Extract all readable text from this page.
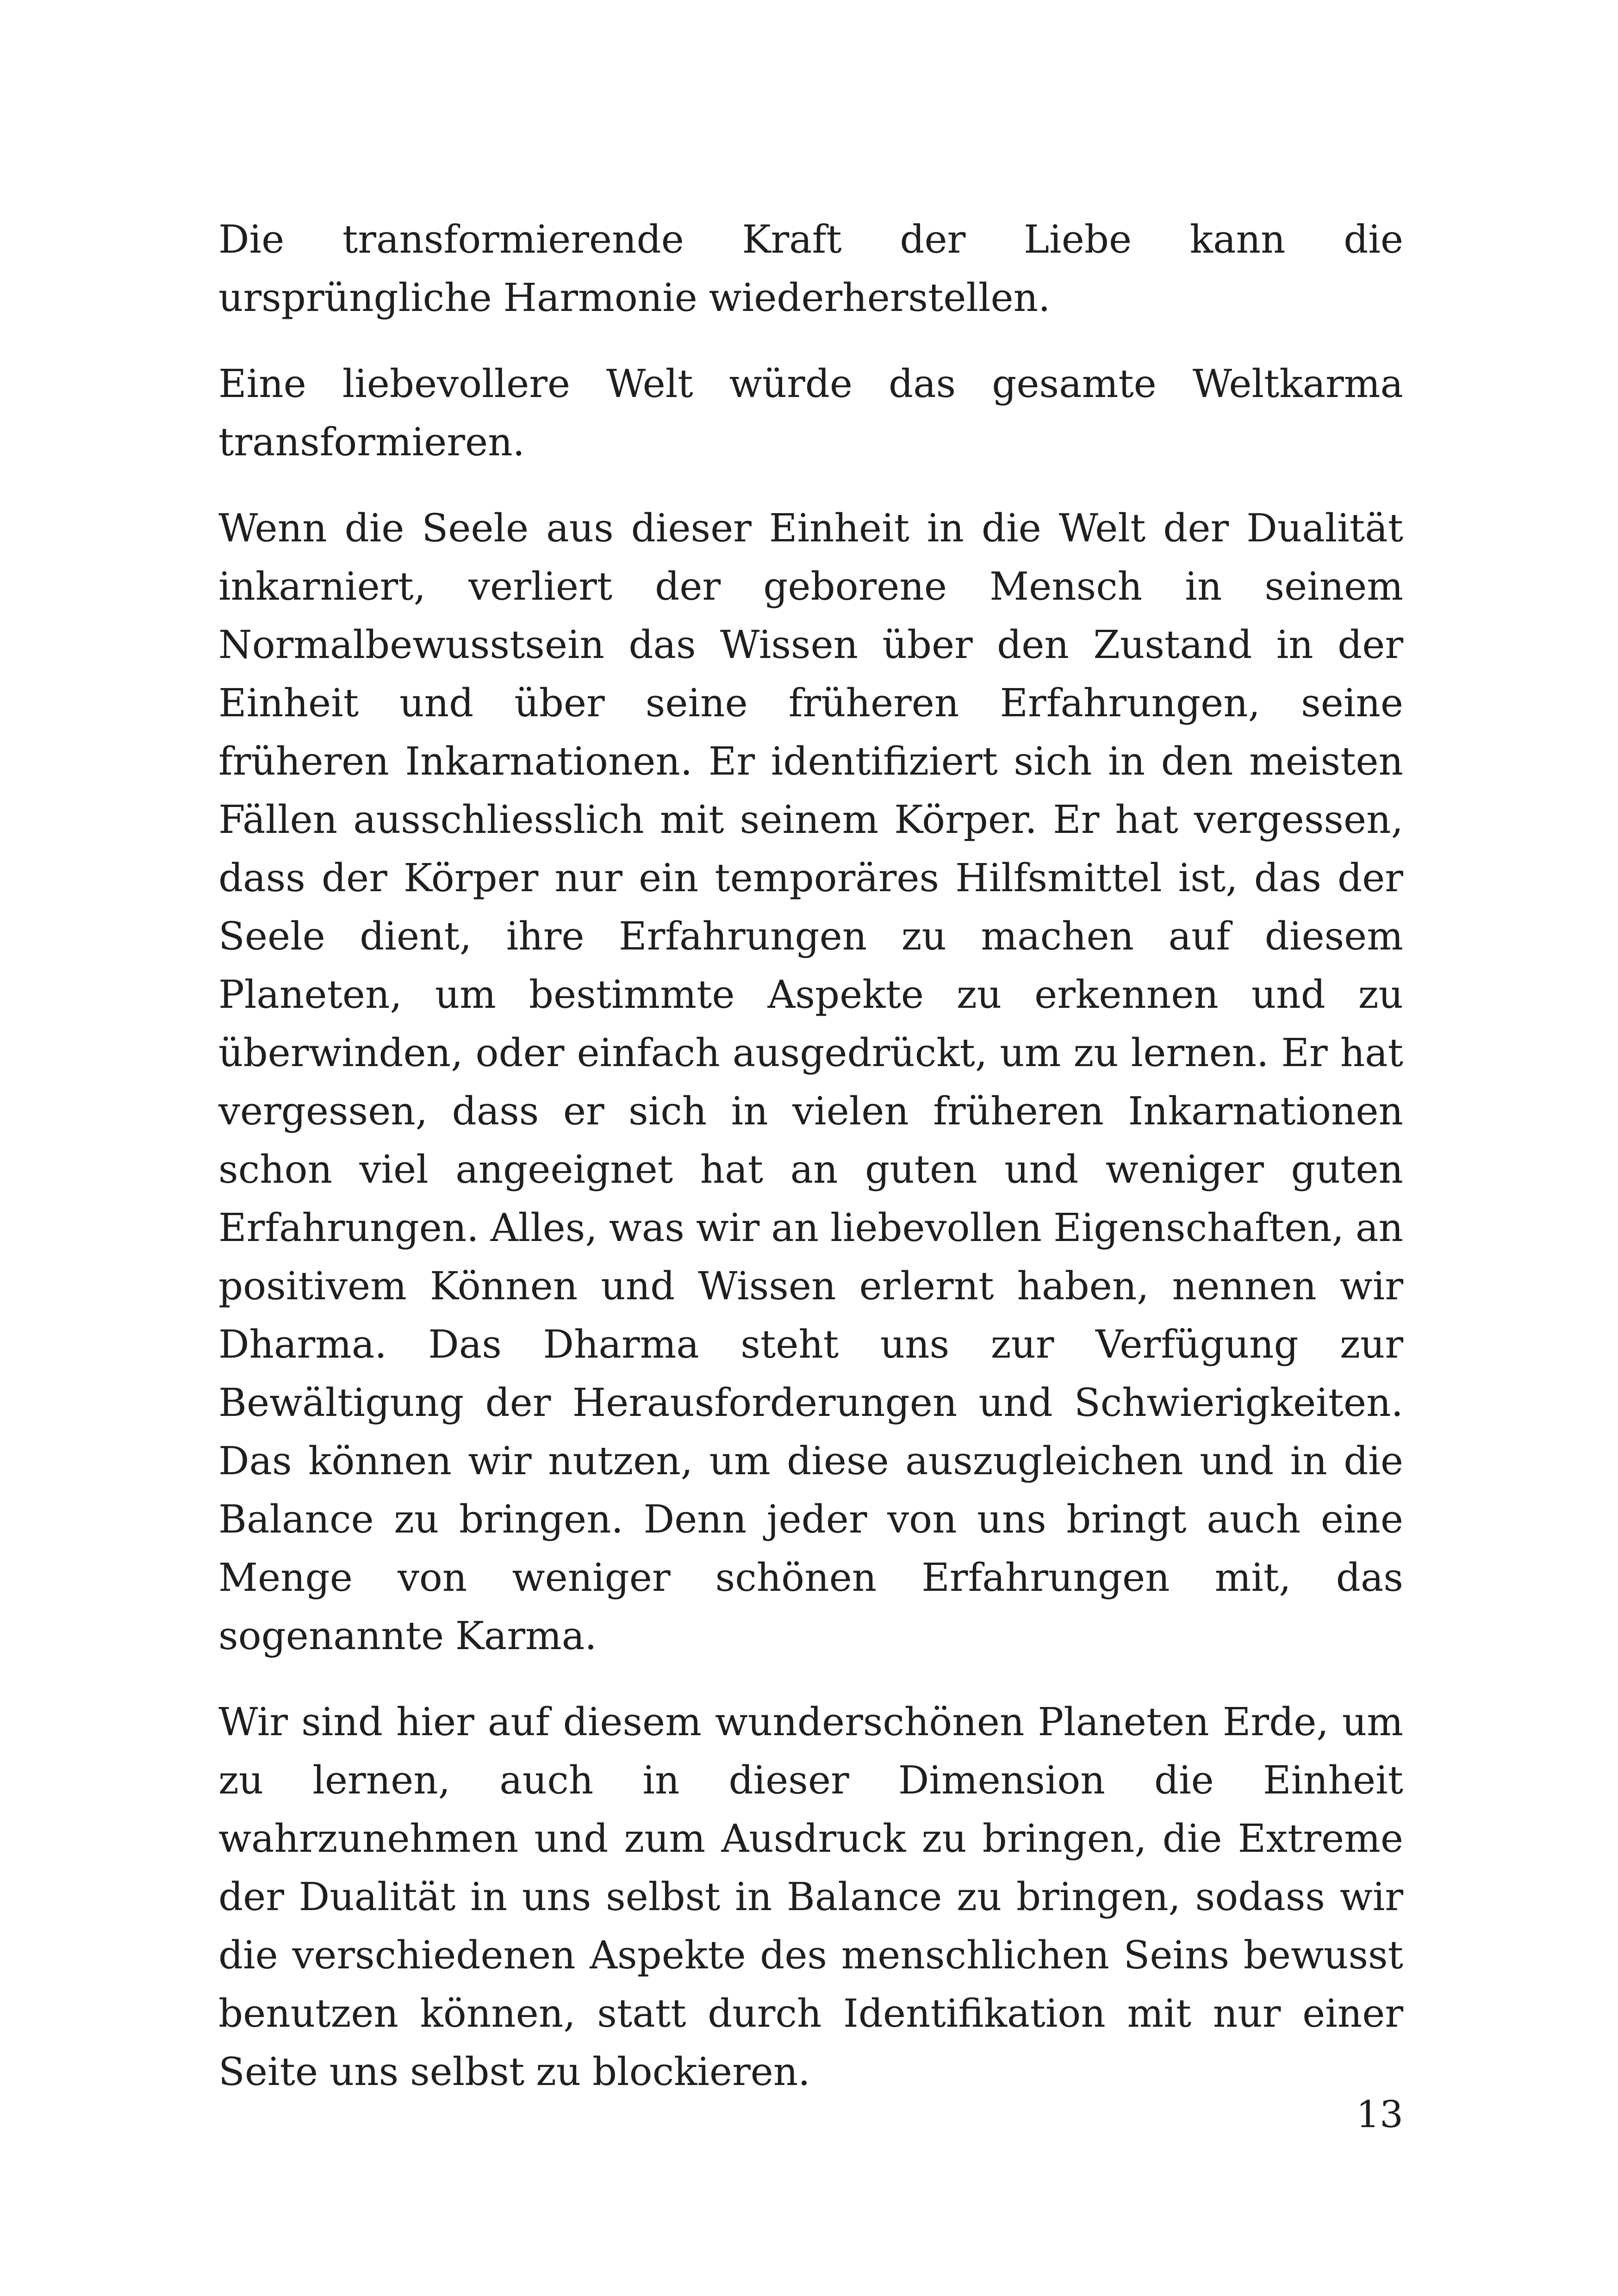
Die transformierende Kraft der Liebe kann die ursprüngliche Harmonie wiederherstellen.

Eine liebevollere Welt würde das gesamte Weltkarma transformieren.

Wenn die Seele aus dieser Einheit in die Welt der Dualität inkarniert, verliert der geborene Mensch in seinem Normalbewusstsein das Wissen über den Zustand in der Einheit und über seine früheren Erfahrungen, seine früheren Inkarnationen. Er identifiziert sich in den meisten Fällen ausschliesslich mit seinem Körper. Er hat vergessen, dass der Körper nur ein temporäres Hilfsmittel ist, das der Seele dient, ihre Erfahrungen zu machen auf diesem Planeten, um bestimmte Aspekte zu erkennen und zu überwinden, oder einfach ausgedrückt, um zu lernen. Er hat vergessen, dass er sich in vielen früheren Inkarnationen schon viel angeeignet hat an guten und weniger guten Erfahrungen. Alles, was wir an liebevollen Eigenschaften, an positivem Können und Wissen erlernt haben, nennen wir Dharma. Das Dharma steht uns zur Verfügung zur Bewältigung der Herausforderungen und Schwierigkeiten. Das können wir nutzen, um diese auszugleichen und in die Balance zu bringen. Denn jeder von uns bringt auch eine Menge von weniger schönen Erfahrungen mit, das sogenannte Karma.

Wir sind hier auf diesem wunderschönen Planeten Erde, um zu lernen, auch in dieser Dimension die Einheit wahrzunehmen und zum Ausdruck zu bringen, die Extreme der Dualität in uns selbst in Balance zu bringen, sodass wir die verschiedenen Aspekte des menschlichen Seins bewusst benutzen können, statt durch Identifikation mit nur einer Seite uns selbst zu blockieren.

13
